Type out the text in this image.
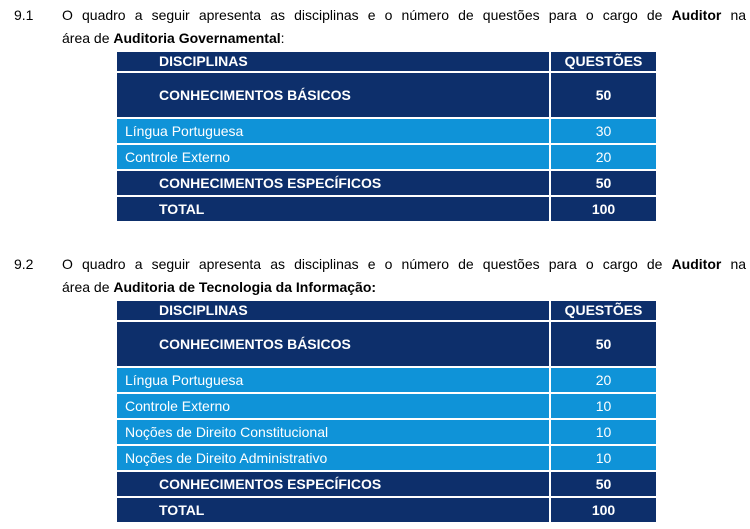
9.1 O quadro a seguir apresenta as disciplinas e o número de questões para o cargo de Auditor na
área de Auditoria Governamental:
DISCIPLINAS	QUESTÕES
CONHECIMENTOS BÁSICOS	50
Língua Portuguesa	30
Controle Externo	20
CONHECIMENTOS ESPECÍFICOS	50
TOTAL	100
9.2 O quadro a seguir apresenta as disciplinas e o número de questões para o cargo de Auditor na
área de Auditoria de Tecnologia da Informação:
DISCIPLINAS	QUESTÕES
CONHECIMENTOS BÁSICOS	50
Língua Portuguesa	20
Controle Externo	10
Noções de Direito Constitucional	10
Noções de Direito Administrativo	10
CONHECIMENTOS ESPECÍFICOS	50
TOTAL	100
